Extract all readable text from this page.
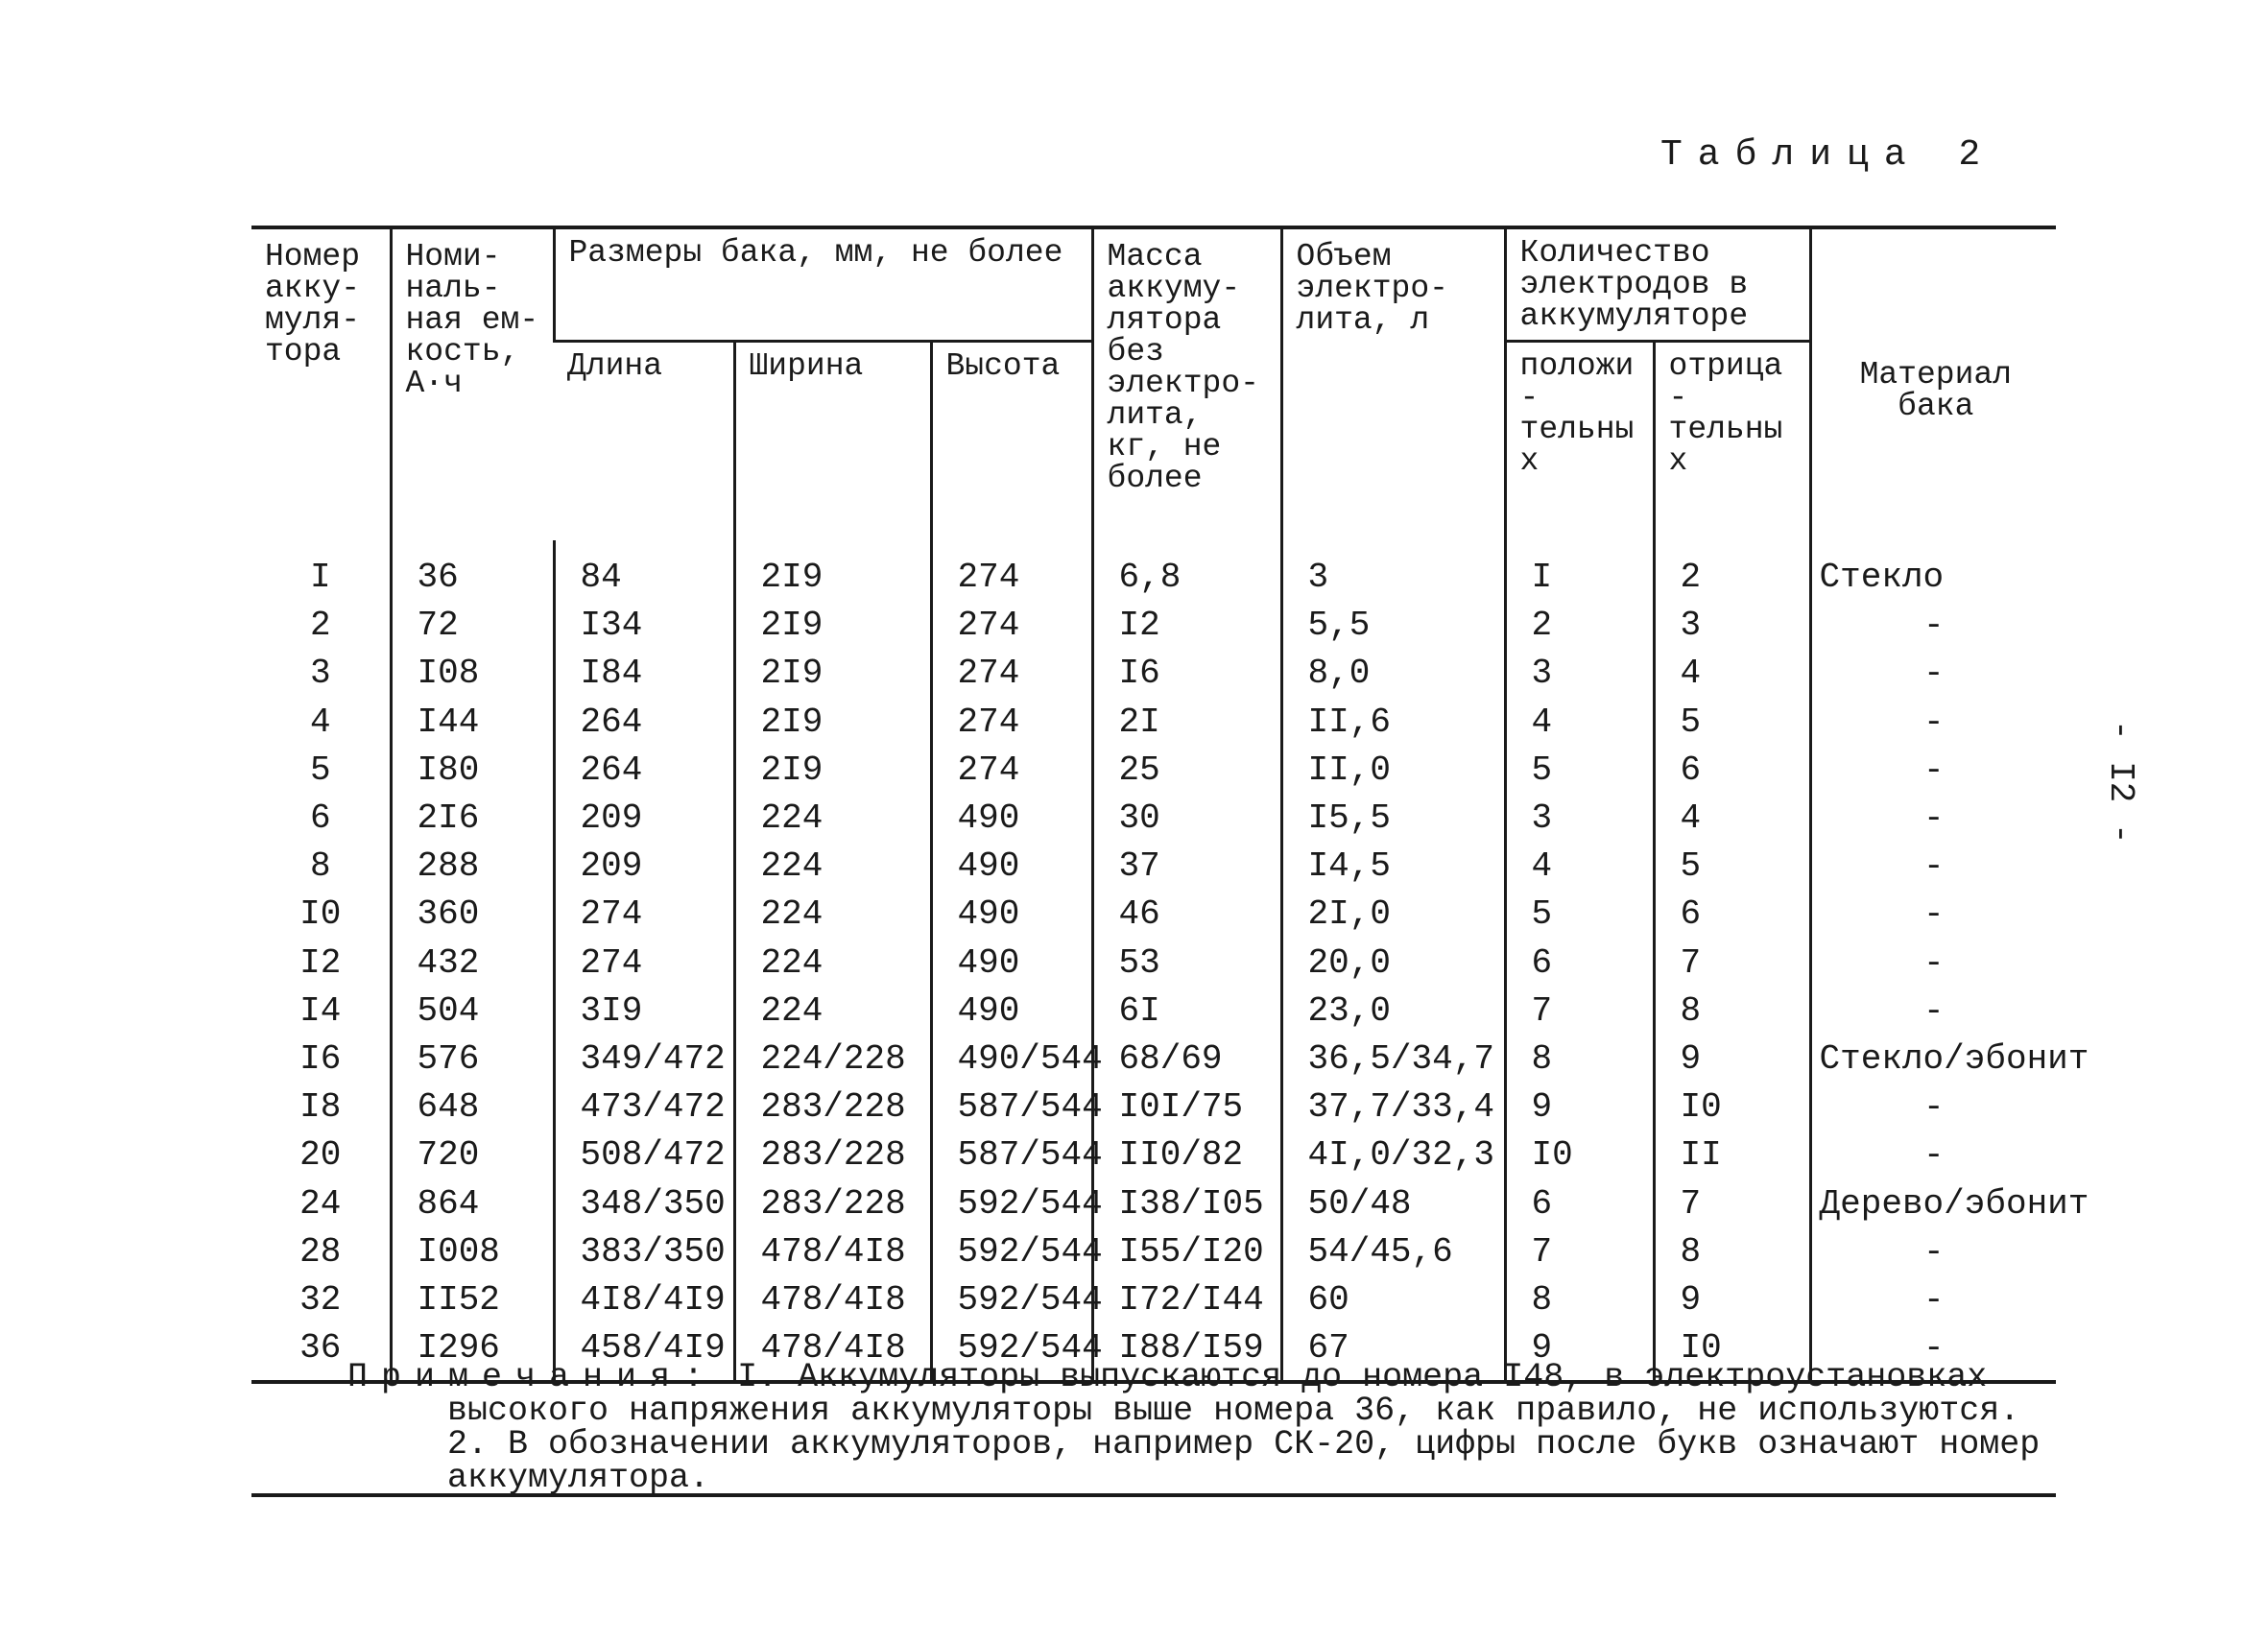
Таблица 2
- I2 -
Номер акку- муля- тора	Номи- наль- ная ем- кость, А·ч	Размеры бака, мм, не более			Масса аккуму- лятора без электро- лита, кг, не более	Объем электро- лита, л	Количество электродов в аккумуляторе		Материал бака
		Длина	Ширина	Высота			положи- тельных	отрица- тельных	

I	36	84	2I9	274	6,8	3	I	2	Стекло
2	72	I34	2I9	274	I2	5,5	2	3	-
3	I08	I84	2I9	274	I6	8,0	3	4	-
4	I44	264	2I9	274	2I	II,6	4	5	-
5	I80	264	2I9	274	25	II,0	5	6	-
6	2I6	209	224	490	30	I5,5	3	4	-
8	288	209	224	490	37	I4,5	4	5	-
I0	360	274	224	490	46	2I,0	5	6	-
I2	432	274	224	490	53	20,0	6	7	-
I4	504	3I9	224	490	6I	23,0	7	8	-
I6	576	349/472	224/228	490/544	68/69	36,5/34,7	8	9	Стекло/эбонит
I8	648	473/472	283/228	587/544	I0I/75	37,7/33,4	9	I0	-
20	720	508/472	283/228	587/544	II0/82	4I,0/32,3	I0	II	-
24	864	348/350	283/228	592/544	I38/I05	50/48	6	7	Дерево/эбонит
28	I008	383/350	478/4I8	592/544	I55/I20	54/45,6	7	8	-
32	II52	4I8/4I9	478/4I8	592/544	I72/I44	60	8	9	-
36	I296	458/4I9	478/4I8	592/544	I88/I59	67	9	I0	-
Примечания: I. Аккумуляторы выпускаются до номера I48, в электроустановках
высокого напряжения аккумуляторы выше номера 36, как правило, не используются.
2. В обозначении аккумуляторов, например СК-20, цифры после букв означают номер
аккумулятора.
